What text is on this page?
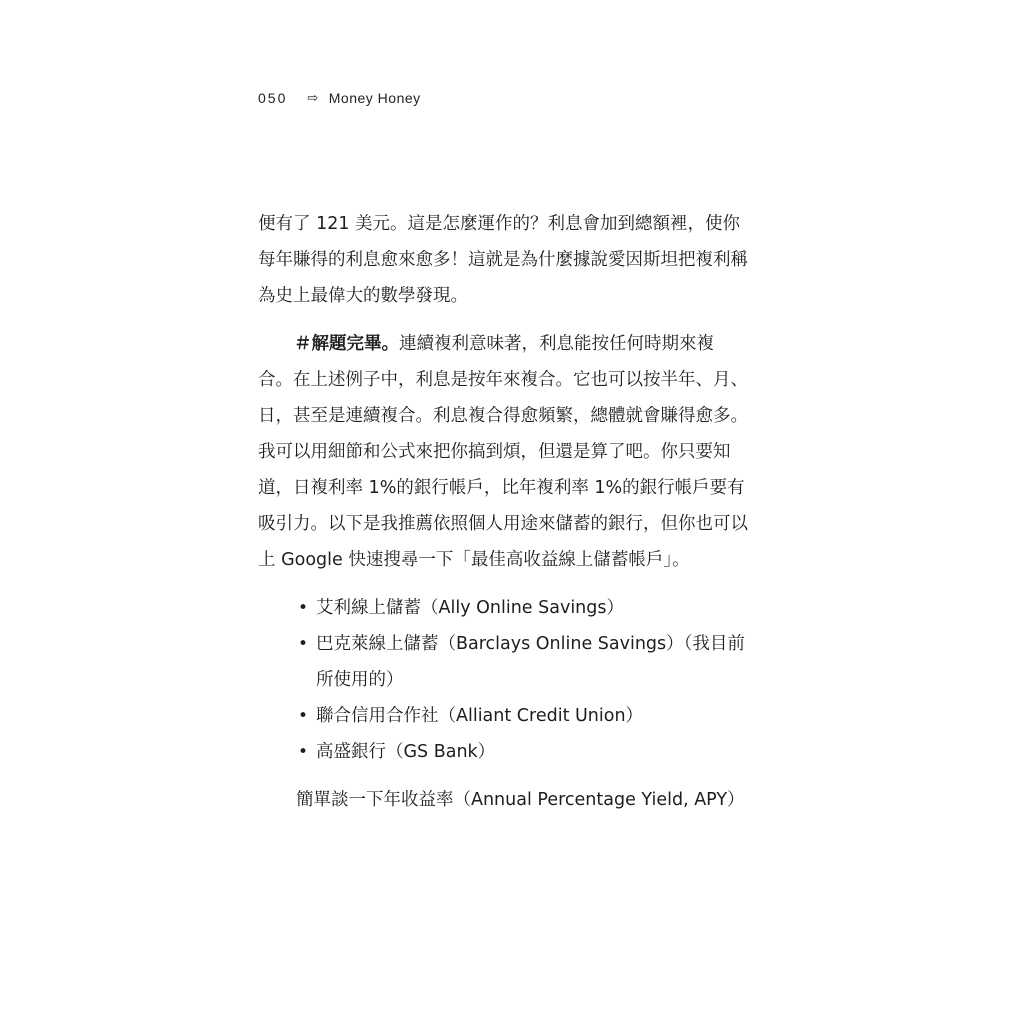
050 ⇨ Money Honey

便有了 121 美元。這是怎麼運作的？利息會加到總額裡，使你每年賺得的利息愈來愈多！這就是為什麼據說愛因斯坦把複利稱為史上最偉大的數學發現。

＃解題完畢。連續複利意味著，利息能按任何時期來複合。在上述例子中，利息是按年來複合。它也可以按半年、月、日，甚至是連續複合。利息複合得愈頻繁，總體就會賺得愈多。我可以用細節和公式來把你搞到煩，但還是算了吧。你只要知道，日複利率 1%的銀行帳戶，比年複利率 1%的銀行帳戶要有吸引力。以下是我推薦依照個人用途來儲蓄的銀行，但你也可以上 Google 快速搜尋一下「最佳高收益線上儲蓄帳戶」。

• 艾利線上儲蓄（Ally Online Savings）
• 巴克萊線上儲蓄（Barclays Online Savings）（我目前所使用的）
• 聯合信用合作社（Alliant Credit Union）
• 高盛銀行（GS Bank）

簡單談一下年收益率（Annual Percentage Yield, APY）
